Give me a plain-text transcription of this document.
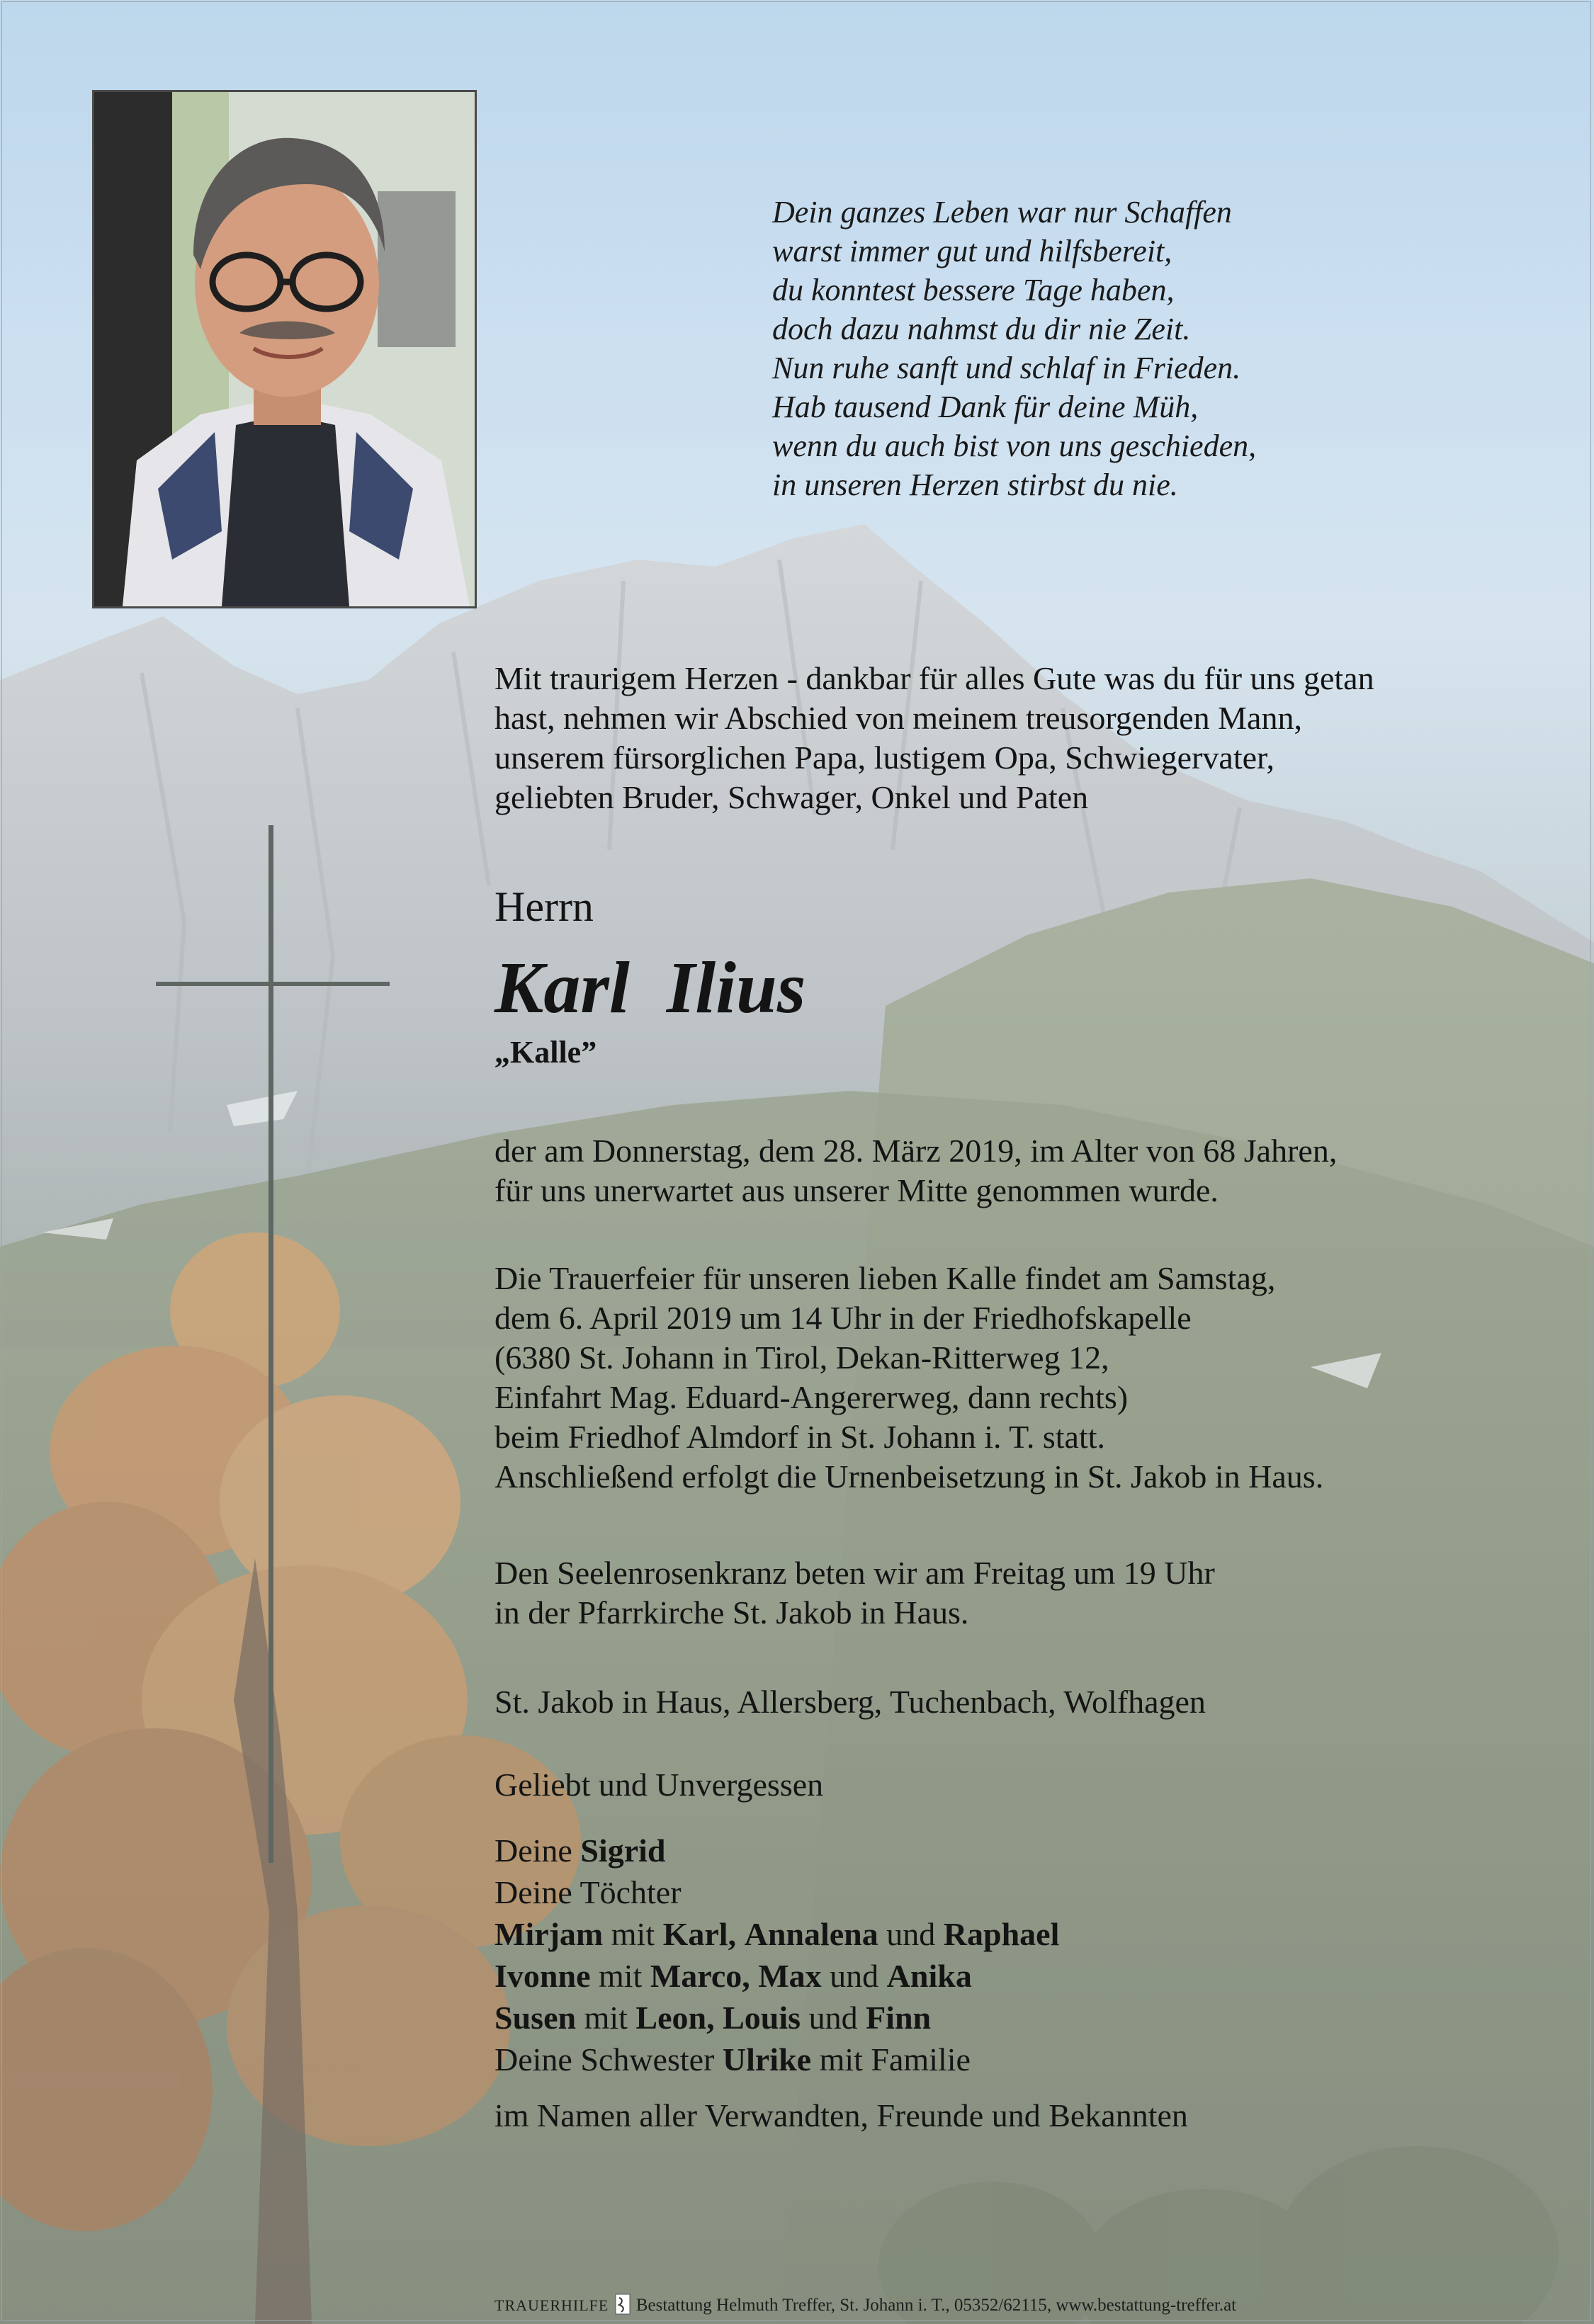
Dein ganzes Leben war nur Schaffen
warst immer gut und hilfsbereit,
du konntest bessere Tage haben,
doch dazu nahmst du dir nie Zeit.
Nun ruhe sanft und schlaf in Frieden.
Hab tausend Dank für deine Müh,
wenn du auch bist von uns geschieden,
in unseren Herzen stirbst du nie.
Mit traurigem Herzen - dankbar für alles Gute was du für uns getan
hast, nehmen wir Abschied von meinem treusorgenden Mann,
unserem fürsorglichen Papa, lustigem Opa, Schwiegervater,
geliebten Bruder, Schwager, Onkel und Paten
Herrn
Karl Ilius
„Kalle”
der am Donnerstag, dem 28. März 2019, im Alter von 68 Jahren,
für uns unerwartet aus unserer Mitte genommen wurde.
Die Trauerfeier für unseren lieben Kalle findet am Samstag,
dem 6. April 2019 um 14 Uhr in der Friedhofskapelle
(6380 St. Johann in Tirol, Dekan-Ritterweg 12,
Einfahrt Mag. Eduard-Angererweg, dann rechts)
beim Friedhof Almdorf in St. Johann i. T. statt.
Anschließend erfolgt die Urnenbeisetzung in St. Jakob in Haus.
Den Seelenrosenkranz beten wir am Freitag um 19 Uhr
in der Pfarrkirche St. Jakob in Haus.
St. Jakob in Haus, Allersberg, Tuchenbach, Wolfhagen
Geliebt und Unvergessen
Deine Sigrid
Deine Töchter
Mirjam mit Karl, Annalena und Raphael
Ivonne mit Marco, Max und Anika
Susen mit Leon, Louis und Finn
Deine Schwester Ulrike mit Familie
im Namen aller Verwandten, Freunde und Bekannten
TRAUERHILFE Bestattung Helmuth Treffer, St. Johann i. T., 05352/62115, www.bestattung-treffer.at
